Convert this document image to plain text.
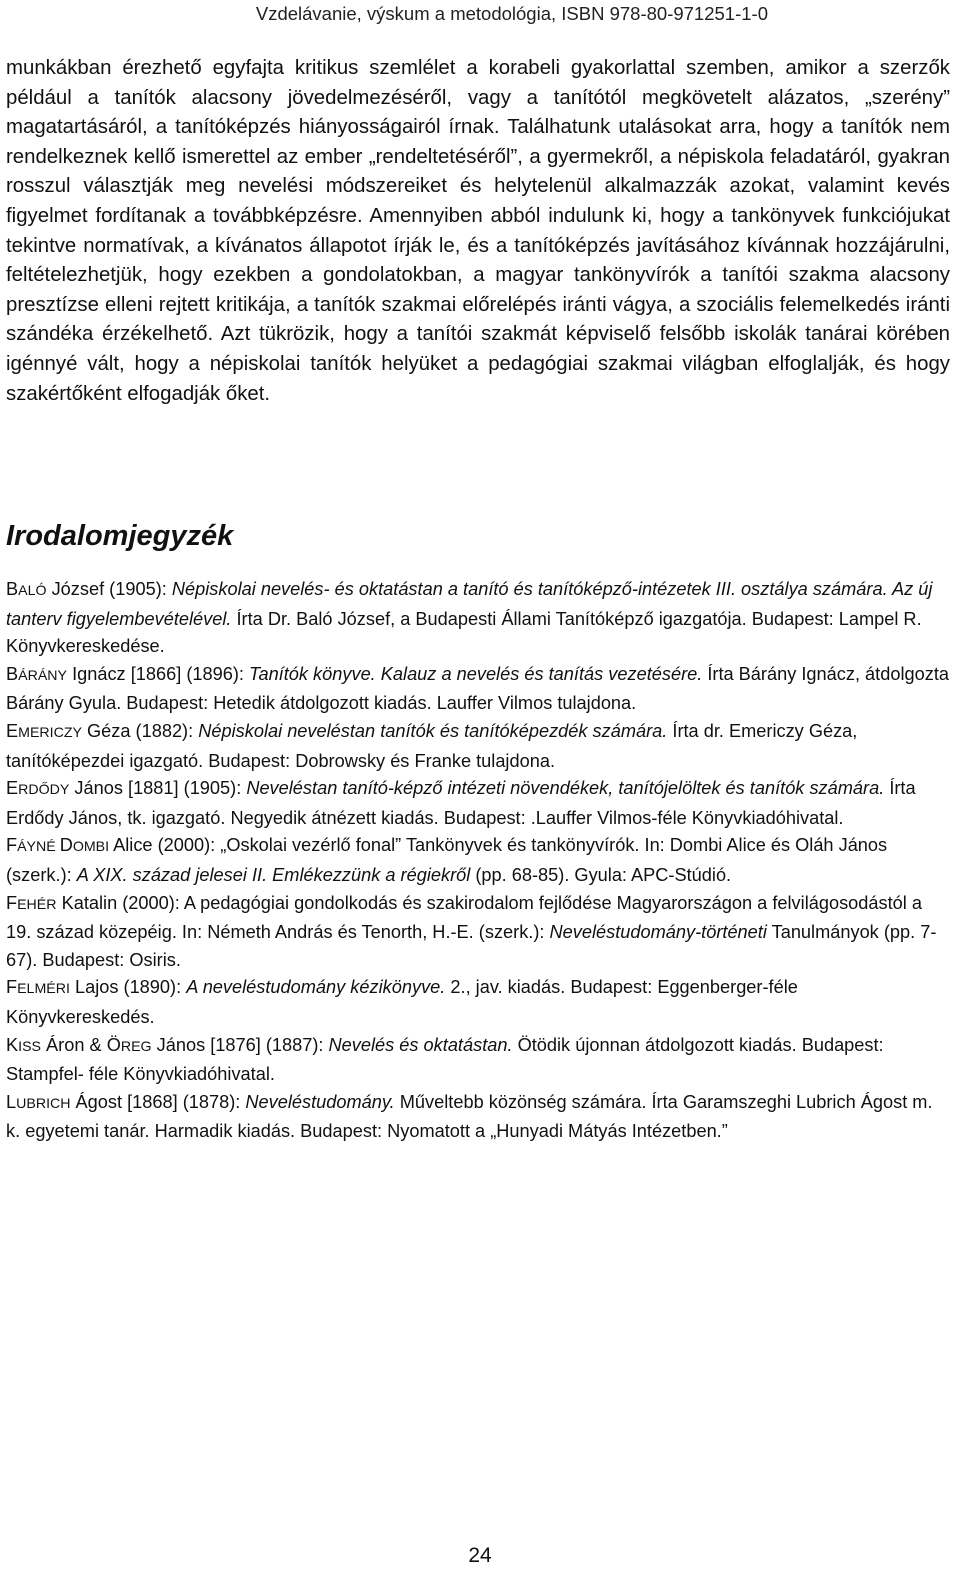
Vzdelávanie, výskum a metodológia, ISBN 978-80-971251-1-0

munkákban érezhető egyfajta kritikus szemlélet a korabeli gyakorlattal szemben, amikor a szerzők például a tanítók alacsony jövedelmezéséről, vagy a tanítótól megkövetelt alázatos, „szerény” magatartásáról, a tanítóképzés hiányosságairól írnak. Találhatunk utalásokat arra, hogy a tanítók nem rendelkeznek kellő ismerettel az ember „rendeltetéséről”, a gyermekről, a népiskola feladatáról, gyakran rosszul választják meg nevelési módszereiket és helytelenül alkalmazzák azokat, valamint kevés figyelmet fordítanak a továbbképzésre. Amennyiben abból indulunk ki, hogy a tankönyvek funkciójukat tekintve normatívak, a kívánatos állapotot írják le, és a tanítóképzés javításához kívánnak hozzájárulni, feltételezhetjük, hogy ezekben a gondolatokban, a magyar tankönyvírók a tanítói szakma alacsony presztízse elleni rejtett kritikája, a tanítók szakmai előrelépés iránti vágya, a szociális felemelkedés iránti szándéka érzékelhető. Azt tükrözik, hogy a tanítói szakmát képviselő felsőbb iskolák tanárai körében igénnyé vált, hogy a népiskolai tanítók helyüket a pedagógiai szakmai világban elfoglalják, és hogy szakértőként elfogadják őket.

Irodalomjegyzék
BALÓ József (1905): Népiskolai nevelés- és oktatástan a tanító és tanítóképző-intézetek III. osztálya számára. Az új tanterv figyelembevételével. Írta Dr. Baló József, a Budapesti Állami Tanítóképző igazgatója. Budapest: Lampel R. Könyvkereskedése.
BÁRÁNY Ignácz [1866] (1896): Tanítók könyve. Kalauz a nevelés és tanítás vezetésére. Írta Bárány Ignácz, átdolgozta Bárány Gyula. Budapest: Hetedik átdolgozott kiadás. Lauffer Vilmos tulajdona.
EMERICZY Géza (1882): Népiskolai neveléstan tanítók és tanítóképezdék számára. Írta dr. Emericzy Géza, tanítóképezdei igazgató. Budapest: Dobrowsky és Franke tulajdona.
ERDŐDY János [1881] (1905): Neveléstan tanító-képző intézeti növendékek, tanítójelöltek és tanítók számára. Írta Erdődy János, tk. igazgató. Negyedik átnézett kiadás. Budapest: .Lauffer Vilmos-féle Könyvkiadóhivatal.
FÁYNÉ DOMBI Alice (2000): „Oskolai vezérlő fonal” Tankönyvek és tankönyvírók. In: Dombi Alice és Oláh János (szerk.): A XIX. század jelesei II. Emlékezzünk a régiekről (pp. 68-85). Gyula: APC-Stúdió.
FEHÉR Katalin (2000): A pedagógiai gondolkodás és szakirodalom fejlődése Magyarországon a felvilágosodástól a 19. század közepéig. In: Németh András és Tenorth, H.-E. (szerk.): Neveléstudomány-történeti Tanulmányok (pp. 7-67). Budapest: Osiris.
FELMÉRI Lajos (1890): A neveléstudomány kézikönyve. 2., jav. kiadás. Budapest: Eggenberger-féle Könyvkereskedés.
KISS Áron & ÖREG János [1876] (1887): Nevelés és oktatástan. Ötödik újonnan átdolgozott kiadás. Budapest: Stampfel- féle Könyvkiadóhivatal.
LUBRICH Ágost [1868] (1878): Neveléstudomány. Műveltebb közönség számára. Írta Garamszeghi Lubrich Ágost m. k. egyetemi tanár. Harmadik kiadás. Budapest: Nyomatott a „Hunyadi Mátyás Intézetben.”
24
